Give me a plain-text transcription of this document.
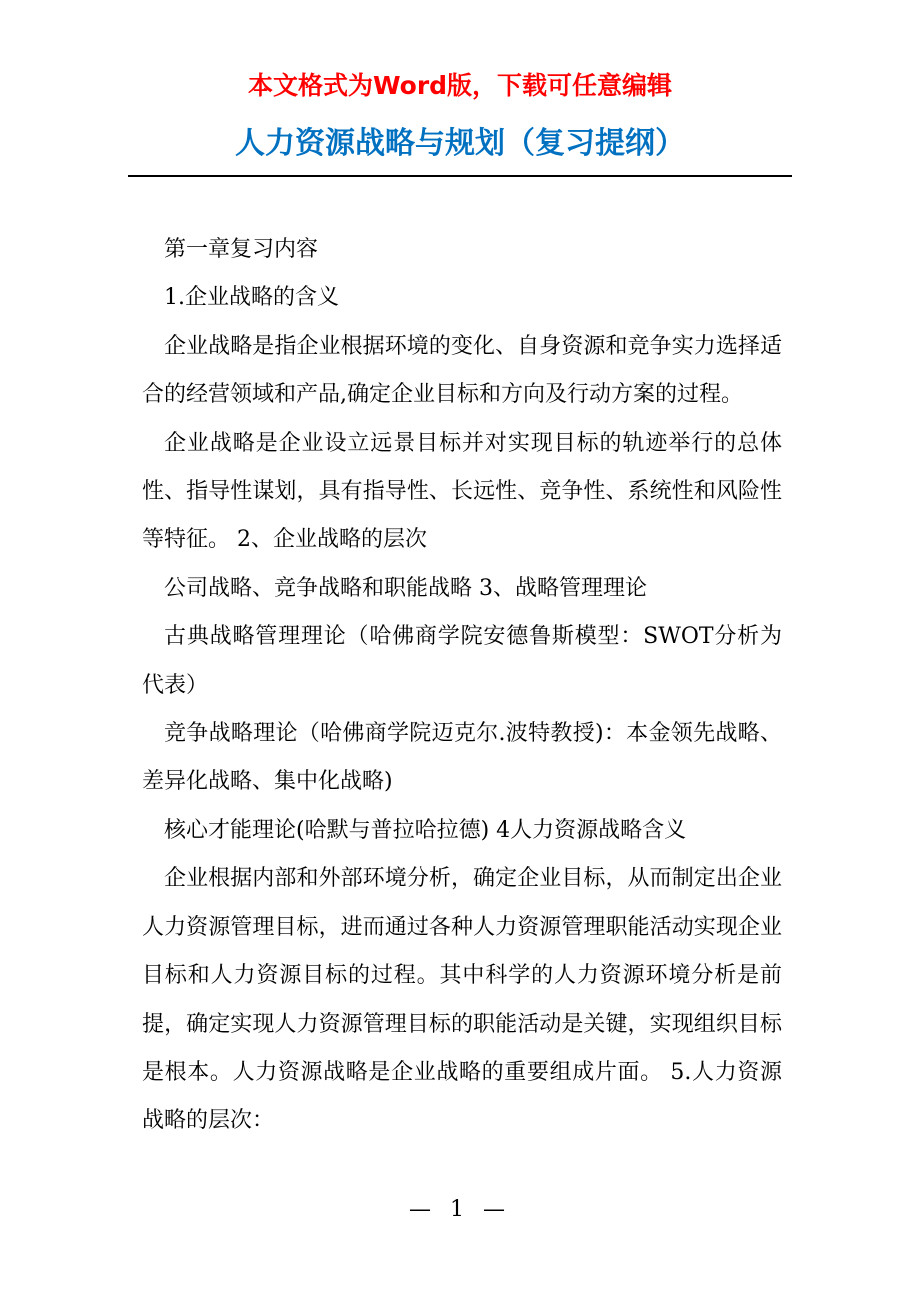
本文格式为Word版，下载可任意编辑
人力资源战略与规划（复习提纲）

第一章复习内容

1.企业战略的含义

企业战略是指企业根据环境的变化、自身资源和竞争实力选择适合的经营领域和产品,确定企业目标和方向及行动方案的过程。

企业战略是企业设立远景目标并对实现目标的轨迹举行的总体性、指导性谋划，具有指导性、长远性、竞争性、系统性和风险性等特征。 2、企业战略的层次

公司战略、竞争战略和职能战略 3、战略管理理论

古典战略管理理论（哈佛商学院安德鲁斯模型：SWOT分析为代表）

竞争战略理论（哈佛商学院迈克尔.波特教授)：本金领先战略、差异化战略、集中化战略)

核心才能理论(哈默与普拉哈拉德) 4人力资源战略含义

企业根据内部和外部环境分析，确定企业目标，从而制定出企业人力资源管理目标，进而通过各种人力资源管理职能活动实现企业目标和人力资源目标的过程。其中科学的人力资源环境分析是前提，确定实现人力资源管理目标的职能活动是关键，实现组织目标是根本。人力资源战略是企业战略的重要组成片面。 5.人力资源战略的层次：

— 1 —
